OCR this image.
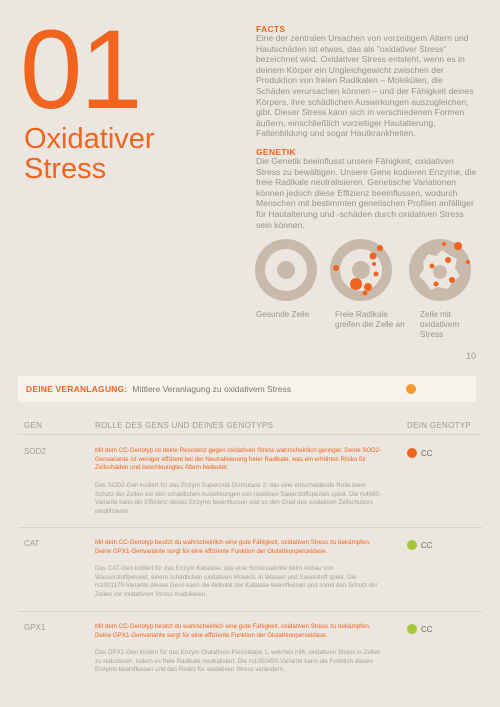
01
Oxidativer
Stress
FACTS
Eine der zentralen Ursachen von vorzeitigem Altern und Hautschäden ist etwas, das als "oxidativer Stress" bezeichnet wird. Oxidativer Stress entsteht, wenn es in deinem Körper ein Ungleichgewicht zwischen der Produktion von freien Radikalen – Molekülen, die Schäden verursachen können – und der Fähigkeit deines Körpers, ihre schädlichen Auswirkungen auszugleichen, gibt. Dieser Stress kann sich in verschiedenen Formen äußern, einschließlich vorzeitiger Hautalterung, Faltenbildung und sogar Hautkrankheiten.
GENETIK
Die Genetik beeinflusst unsere Fähigkeit, oxidativen Stress zu bewältigen. Unsere Gene kodieren Enzyme, die freie Radikale neutralisieren. Genetische Variationen können jedoch diese Effizienz beeinflussen, wodurch Menschen mit bestimmten genetischen Profilen anfälliger für Hautalterung und -schäden durch oxidativen Stress sein können.
Gesunde Zelle	Freie Radikale
greifen die Zelle an
Zelle mit
oxidativem
Stress
10
DEINE VERANLAGUNG: Mittlere Veranlagung zu oxidativem Stress
GEN	ROLLE DES GENS UND DEINES GENOTYPS	DEIN GENOTYP
SOD2	Mit dem CC-Genotyp ist deine Resistenz gegen oxidativen Stress wahrscheinlich geringer. Deine SOD2-Genvariante ist weniger effizient bei der Neutralisierung freier Radikale, was ein erhöhtes Risiko für Zellschäden und beschleunigtes Altern bedeutet.
Das SOD2-Gen kodiert für das Enzym Superoxid-Dismutase 2, das eine entscheidende Rolle beim Schutz der Zellen vor den schädlichen Auswirkungen von reaktiven Sauerstoffspezies spielt. Die rs4880-Variante kann die Effizienz dieses Enzyms beeinflussen und so den Grad des oxidativen Zellschutzes modifizieren.
CC
CAT	Mit dem CC-Genotyp besitzt du wahrscheinlich eine gute Fähigkeit, oxidativen Stress zu bekämpfen. Deine GPX1-Genvariante sorgt für eine effiziente Funktion der Glutathionperoxidase.
Das CAT-Gen kodiert für das Enzym Katalase, das eine Schlüsselrolle beim Abbau von Wasserstoffperoxid, einem schädlichen oxidativen Molekül, in Wasser und Sauerstoff spielt. Die rs1001179-Variante dieses Gens kann die Aktivität der Katalase beeinflussen und somit den Schutz der Zellen vor oxidativem Stress modulieren.
CC
GPX1	Mit dem CC-Genotyp besitzt du wahrscheinlich eine gute Fähigkeit, oxidativen Stress zu bekämpfen. Deine GPX1-Genvariante sorgt für eine effiziente Funktion der Glutathionperoxidase.
Das GPX1-Gen kodiert für das Enzym Glutathion-Peroxidase 1, welches hilft, oxidativen Stress in Zellen zu reduzieren, indem es freie Radikale neutralisiert. Die rs1050450-Variante kann die Funktion dieses Enzyms beeinflussen und das Risiko für oxidativen Stress verändern.
CC
